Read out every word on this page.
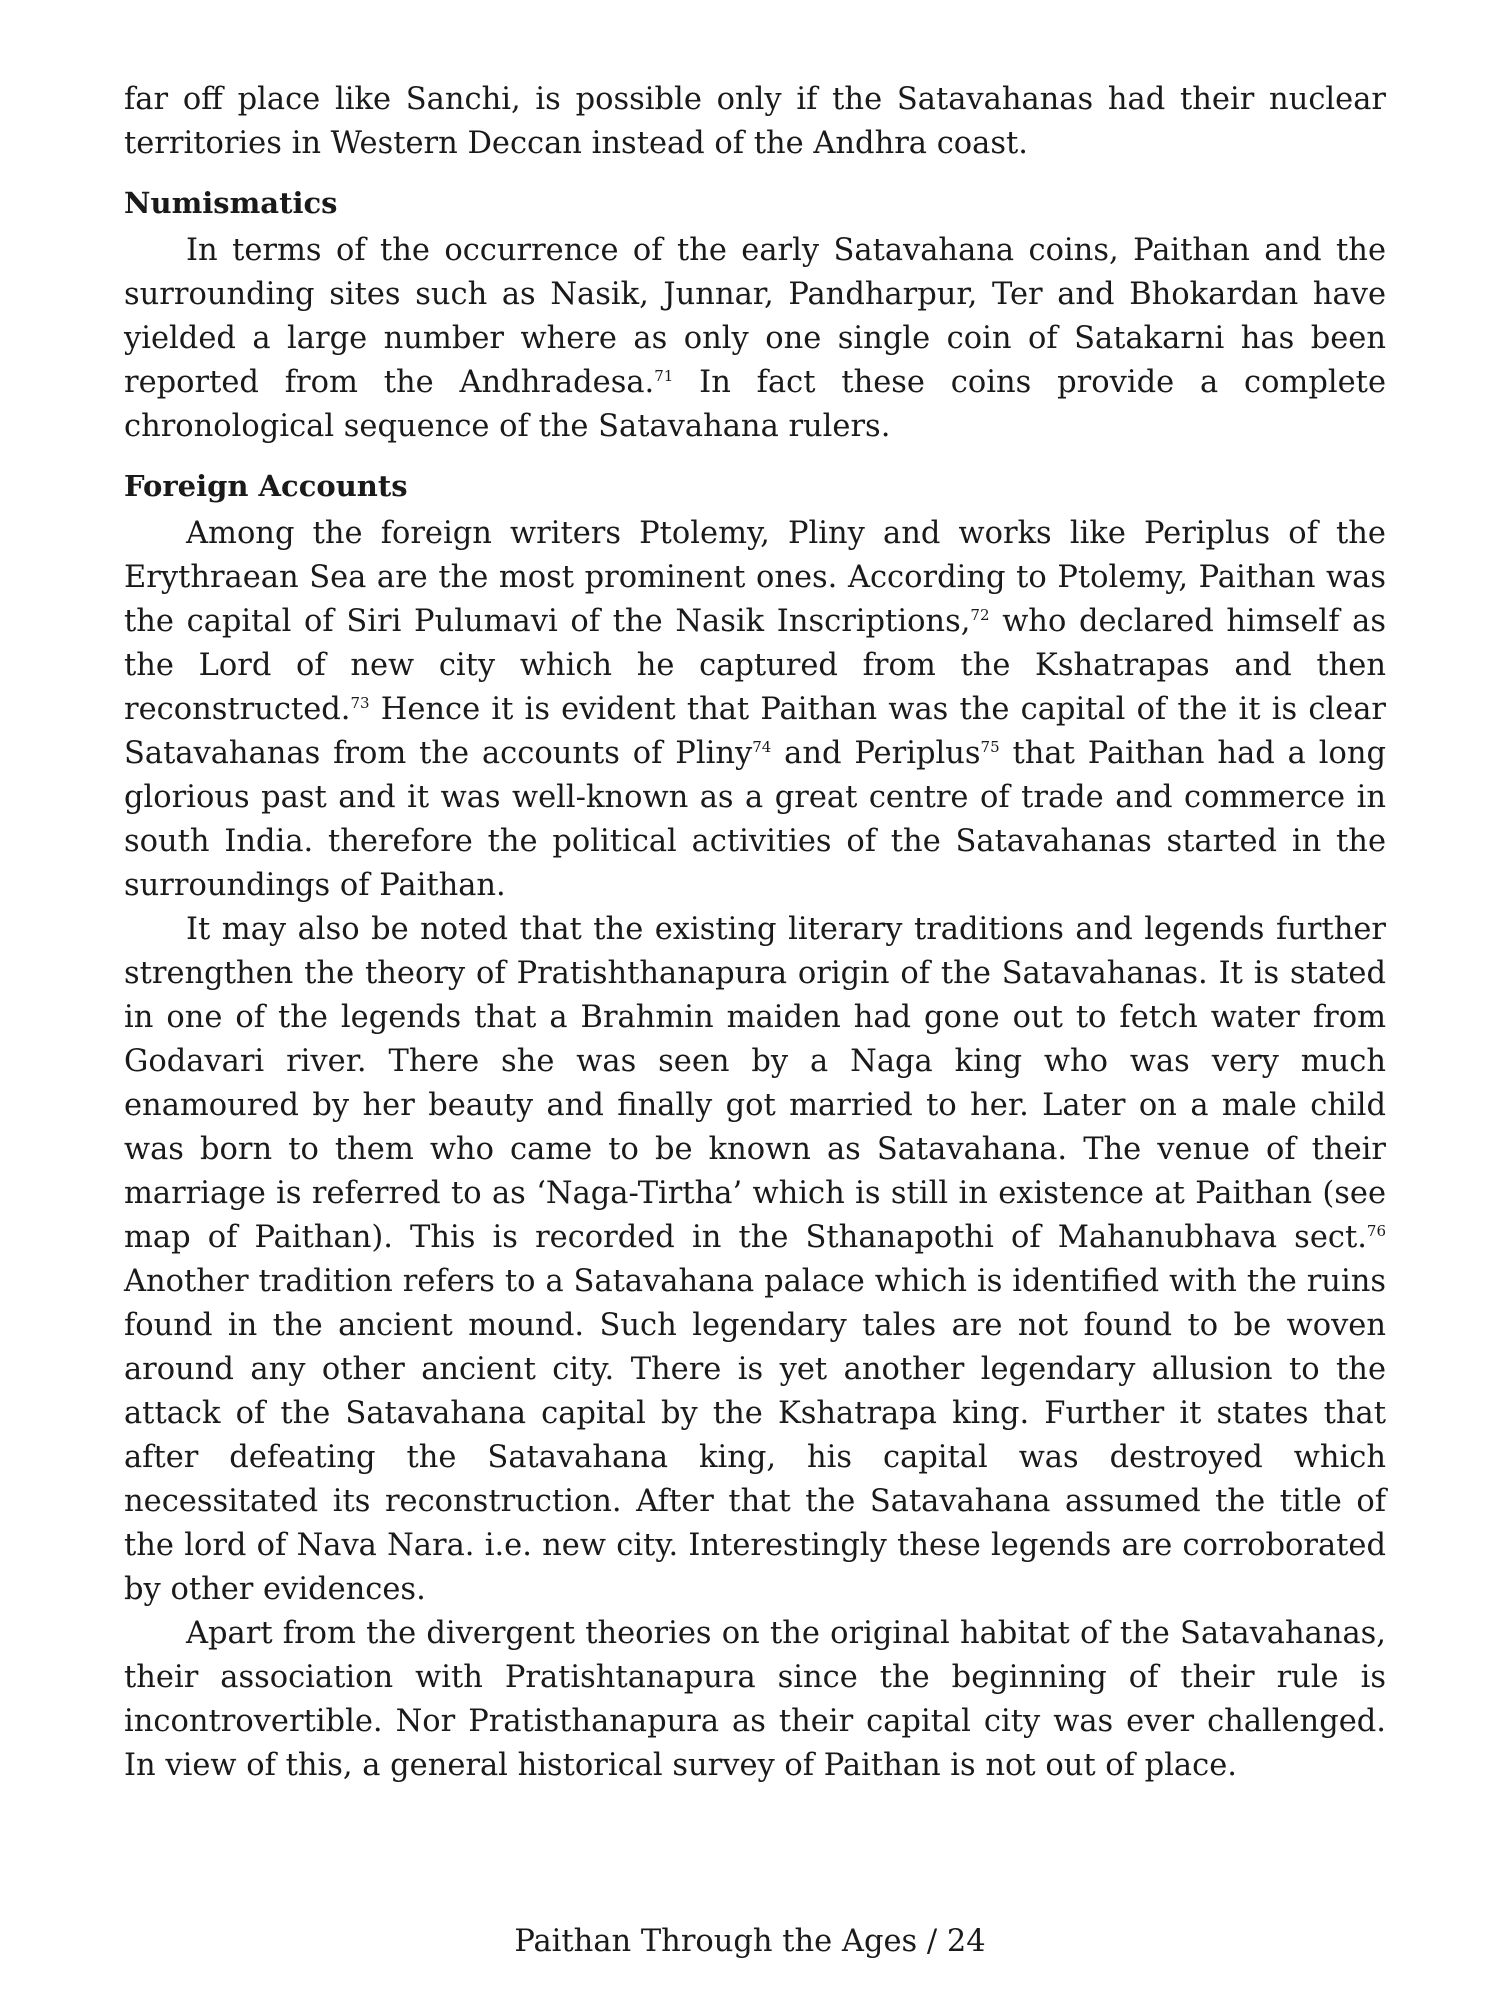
far off place like Sanchi, is possible only if the Satavahanas had their nuclear territories in Western Deccan instead of the Andhra coast.

Numismatics

In terms of the occurrence of the early Satavahana coins, Paithan and the surrounding sites such as Nasik, Junnar, Pandharpur, Ter and Bhokardan have yielded a large number where as only one single coin of Satakarni has been reported from the Andhradesa.$^{71}$ In fact these coins provide a complete chronological sequence of the Satavahana rulers.

Foreign Accounts

Among the foreign writers Ptolemy, Pliny and works like Periplus of the Erythraean Sea are the most prominent ones. According to Ptolemy, Paithan was the capital of Siri Pulumavi of the Nasik Inscriptions,$^{72}$ who declared himself as the Lord of new city which he captured from the Kshatrapas and then reconstructed.$^{73}$ Hence it is evident that Paithan was the capital of the it is clear Satavahanas from the accounts of Pliny$^{74}$ and Periplus$^{75}$ that Paithan had a long glorious past and it was well-known as a great centre of trade and commerce in south India. therefore the political activities of the Satavahanas started in the surroundings of Paithan.

It may also be noted that the existing literary traditions and legends further strengthen the theory of Pratishthanapura origin of the Satavahanas. It is stated in one of the legends that a Brahmin maiden had gone out to fetch water from Godavari river. There she was seen by a Naga king who was very much enamoured by her beauty and finally got married to her. Later on a male child was born to them who came to be known as Satavahana. The venue of their marriage is referred to as ‘Naga-Tirtha’ which is still in existence at Paithan (see map of Paithan). This is recorded in the Sthanapothi of Mahanubhava sect.$^{76}$ Another tradition refers to a Satavahana palace which is identified with the ruins found in the ancient mound. Such legendary tales are not found to be woven around any other ancient city. There is yet another legendary allusion to the attack of the Satavahana capital by the Kshatrapa king. Further it states that after defeating the Satavahana king, his capital was destroyed which necessitated its reconstruction. After that the Satavahana assumed the title of the lord of Nava Nara. i.e. new city. Interestingly these legends are corroborated by other evidences.

Apart from the divergent theories on the original habitat of the Satavahanas, their association with Pratishtanapura since the beginning of their rule is incontrovertible. Nor Pratisthanapura as their capital city was ever challenged. In view of this, a general historical survey of Paithan is not out of place.

Paithan Through the Ages / 24
